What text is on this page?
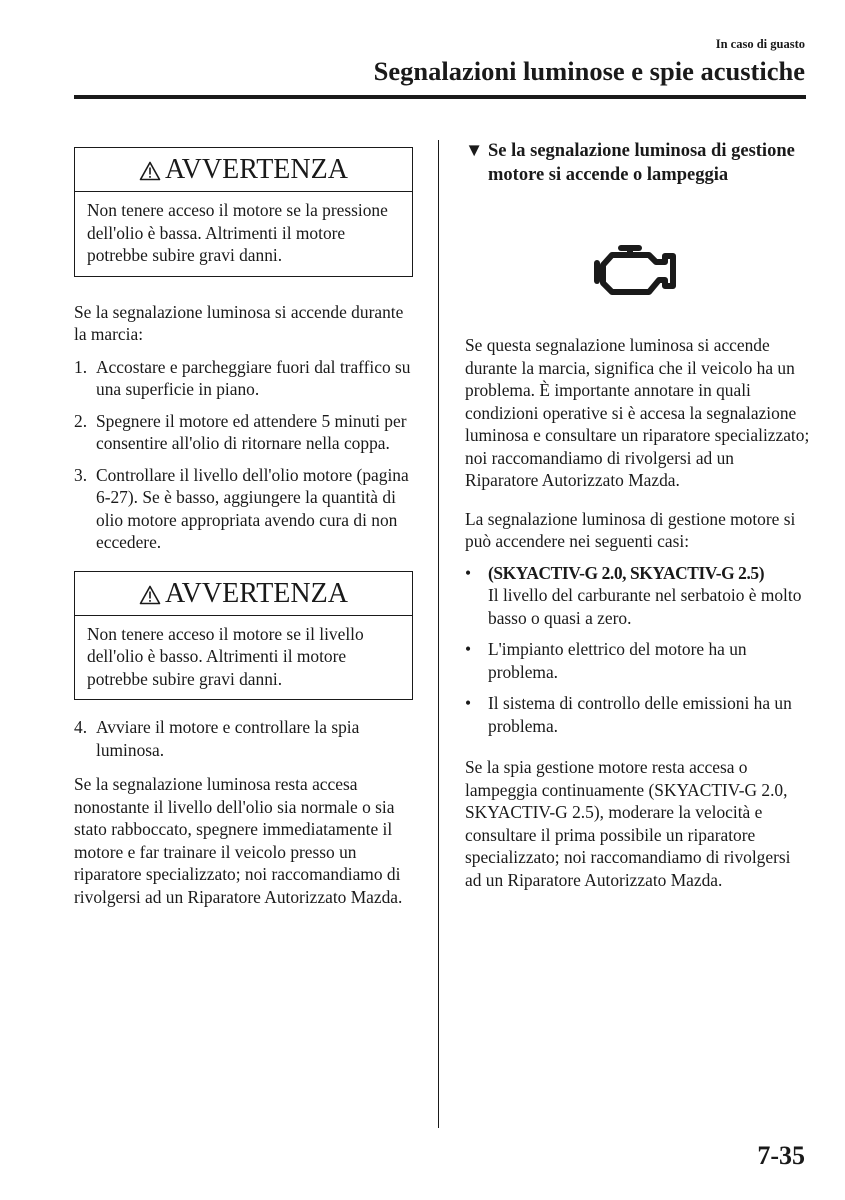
In caso di guasto
Segnalazioni luminose e spie acustiche
AVVERTENZA
Non tenere acceso il motore se la pressione dell'olio è bassa. Altrimenti il motore potrebbe subire gravi danni.

Se la segnalazione luminosa si accende durante la marcia:

1. Accostare e parcheggiare fuori dal traffico su una superficie in piano.
2. Spegnere il motore ed attendere 5 minuti per consentire all'olio di ritornare nella coppa.
3. Controllare il livello dell'olio motore (pagina 6-27). Se è basso, aggiungere la quantità di olio motore appropriata avendo cura di non eccedere.
AVVERTENZA
Non tenere acceso il motore se il livello dell'olio è basso. Altrimenti il motore potrebbe subire gravi danni.
4. Avviare il motore e controllare la spia luminosa.

Se la segnalazione luminosa resta accesa nonostante il livello dell'olio sia normale o sia stato rabboccato, spegnere immediatamente il motore e far trainare il veicolo presso un riparatore specializzato; noi raccomandiamo di rivolgersi ad un Riparatore Autorizzato Mazda.

▼ Se la segnalazione luminosa di gestione motore si accende o lampeggia

Se questa segnalazione luminosa si accende durante la marcia, significa che il veicolo ha un problema. È importante annotare in quali condizioni operative si è accesa la segnalazione luminosa e consultare un riparatore specializzato; noi raccomandiamo di rivolgersi ad un Riparatore Autorizzato Mazda.

La segnalazione luminosa di gestione motore si può accendere nei seguenti casi:

• (SKYACTIV-G 2.0, SKYACTIV-G 2.5)
Il livello del carburante nel serbatoio è molto basso o quasi a zero.
• L'impianto elettrico del motore ha un problema.
• Il sistema di controllo delle emissioni ha un problema.

Se la spia gestione motore resta accesa o lampeggia continuamente (SKYACTIV-G 2.0, SKYACTIV-G 2.5), moderare la velocità e consultare il prima possibile un riparatore specializzato; noi raccomandiamo di rivolgersi ad un Riparatore Autorizzato Mazda.

7-35
